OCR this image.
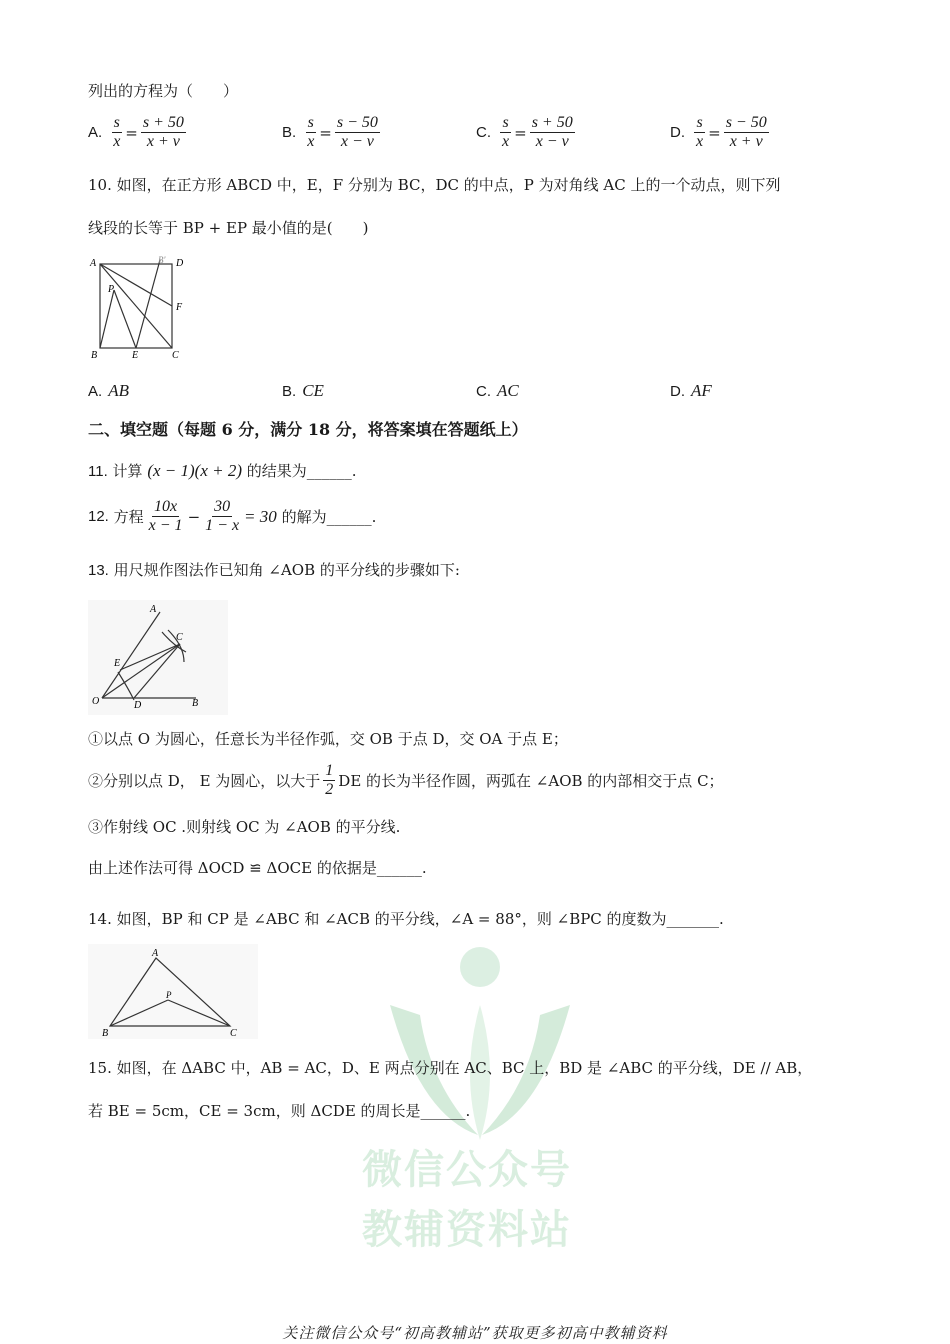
微信公众号
教辅资料站
列出的方程为（　　）
A. $\frac{s}{x} = \frac{s + 50}{x + v}$	B. $\frac{s}{x} = \frac{s - 50}{x - v}$	C. $\frac{s}{x} = \frac{s + 50}{x - v}$	D. $\frac{s}{x} = \frac{s - 50}{x + v}$
10. 如图，在正方形 ABCD 中，E，F 分别为 BC，DC 的中点，P 为对角线 AC 上的一个动点，则下列
线段的长等于 BP + EP 最小值的是(　　)
A	D
B'
P
F
B	E	C
A. AB	B. CE	C. AC	D. AF
二、填空题（每题 6 分，满分 18 分，将答案填在答题纸上）
11. 计算 (x − 1)(x + 2) 的结果为______.
12.
方程 $\frac{10x}{x - 1} - \frac{30}{1 - x} = 30$
的解为______.
13. 用尺规作图法作已知角 ∠AOB 的平分线的步骤如下:
A
E
C
O	D	B
①以点 O 为圆心，任意长为半径作弧，交 OB 于点 D，交 OA 于点 E；
②分别以点 D， E 为圆心，以大于 $\frac{1}{2}$ DE 的长为半径作圆，两弧在 ∠AOB 的内部相交于点 C；
③作射线 OC .则射线 OC 为 ∠AOB 的平分线.
由上述作法可得 ΔOCD ≌ ΔOCE 的依据是______.
14. 如图，BP 和 CP 是 ∠ABC 和 ∠ACB 的平分线，∠A = 88°，则 ∠BPC 的度数为_______.
A
P
B	C
15. 如图，在 ΔABC 中，AB = AC，D、E 两点分别在 AC、BC 上，BD 是 ∠ABC 的平分线，DE // AB，
若 BE = 5cm，CE = 3cm，则 ΔCDE 的周长是______.
关注微信公众号“初高教辅站”获取更多初高中教辅资料
